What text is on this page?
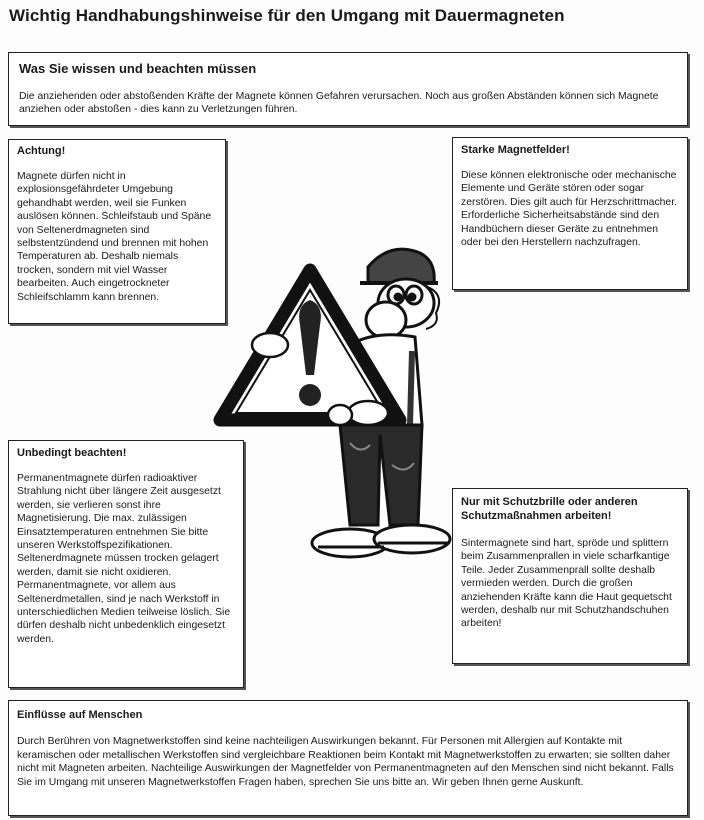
Wichtig Handhabungshinweise für den Umgang mit Dauermagneten
Was Sie wissen und beachten müssen

Die anziehenden oder abstoßenden Kräfte der Magnete können Gefahren verursachen. Noch aus großen Abständen können sich Magnete anziehen oder abstoßen - dies kann zu Verletzungen führen.

Achtung!

Magnete dürfen nicht in explosionsgefährdeter Umgebung gehandhabt werden, weil sie Funken auslösen können. Schleifstaub und Späne von Seltenerdmagneten sind selbstentzündend und brennen mit hohen Temperaturen ab. Deshalb niemals trocken, sondern mit viel Wasser bearbeiten. Auch eingetrockneter Schleifschlamm kann brennen.

Starke Magnetfelder!

Diese können elektronische oder mechanische Elemente und Geräte stören oder sogar zerstören. Dies gilt auch für Herzschrittmacher. Erforderliche Sicherheitsabstände sind den Handbüchern dieser Geräte zu entnehmen oder bei den Herstellern nachzufragen.

Unbedingt beachten!

Permanentmagnete dürfen radioaktiver Strahlung nicht über längere Zeit ausgesetzt werden, sie verlieren sonst ihre Magnetisierung. Die max. zulässigen Einsatztemperaturen entnehmen Sie bitte unseren Werkstoffspezifikationen. Seltenerdmagnete müssen trocken gelagert werden, damit sie nicht oxidieren. Permanentmagnete, vor allem aus Seltenerdmetallen, sind je nach Werkstoff in unterschiedlichen Medien teilweise löslich. Sie dürfen deshalb nicht unbedenklich eingesetzt werden.

Nur mit Schutzbrille oder anderen Schutzmaßnahmen arbeiten!

Sintermagnete sind hart, spröde und splittern beim Zusammenprallen in viele scharfkantige Teile. Jeder Zusammenprall sollte deshalb vermieden werden. Durch die großen anziehenden Kräfte kann die Haut gequetscht werden, deshalb nur mit Schutzhandschuhen arbeiten!

Einflüsse auf Menschen

Durch Berühren von Magnetwerkstoffen sind keine nachteiligen Auswirkungen bekannt. Für Personen mit Allergien auf Kontakte mit keramischen oder metallischen Werkstoffen sind vergleichbare Reaktionen beim Kontakt mit Magnetwerkstoffen zu erwarten; sie sollten daher nicht mit Magneten arbeiten. Nachteilige Auswirkungen der Magnetfelder von Permanentmagneten auf den Menschen sind nicht bekannt. Falls Sie im Umgang mit unseren Magnetwerkstoffen Fragen haben, sprechen Sie uns bitte an. Wir geben Ihnen gerne Auskunft.
